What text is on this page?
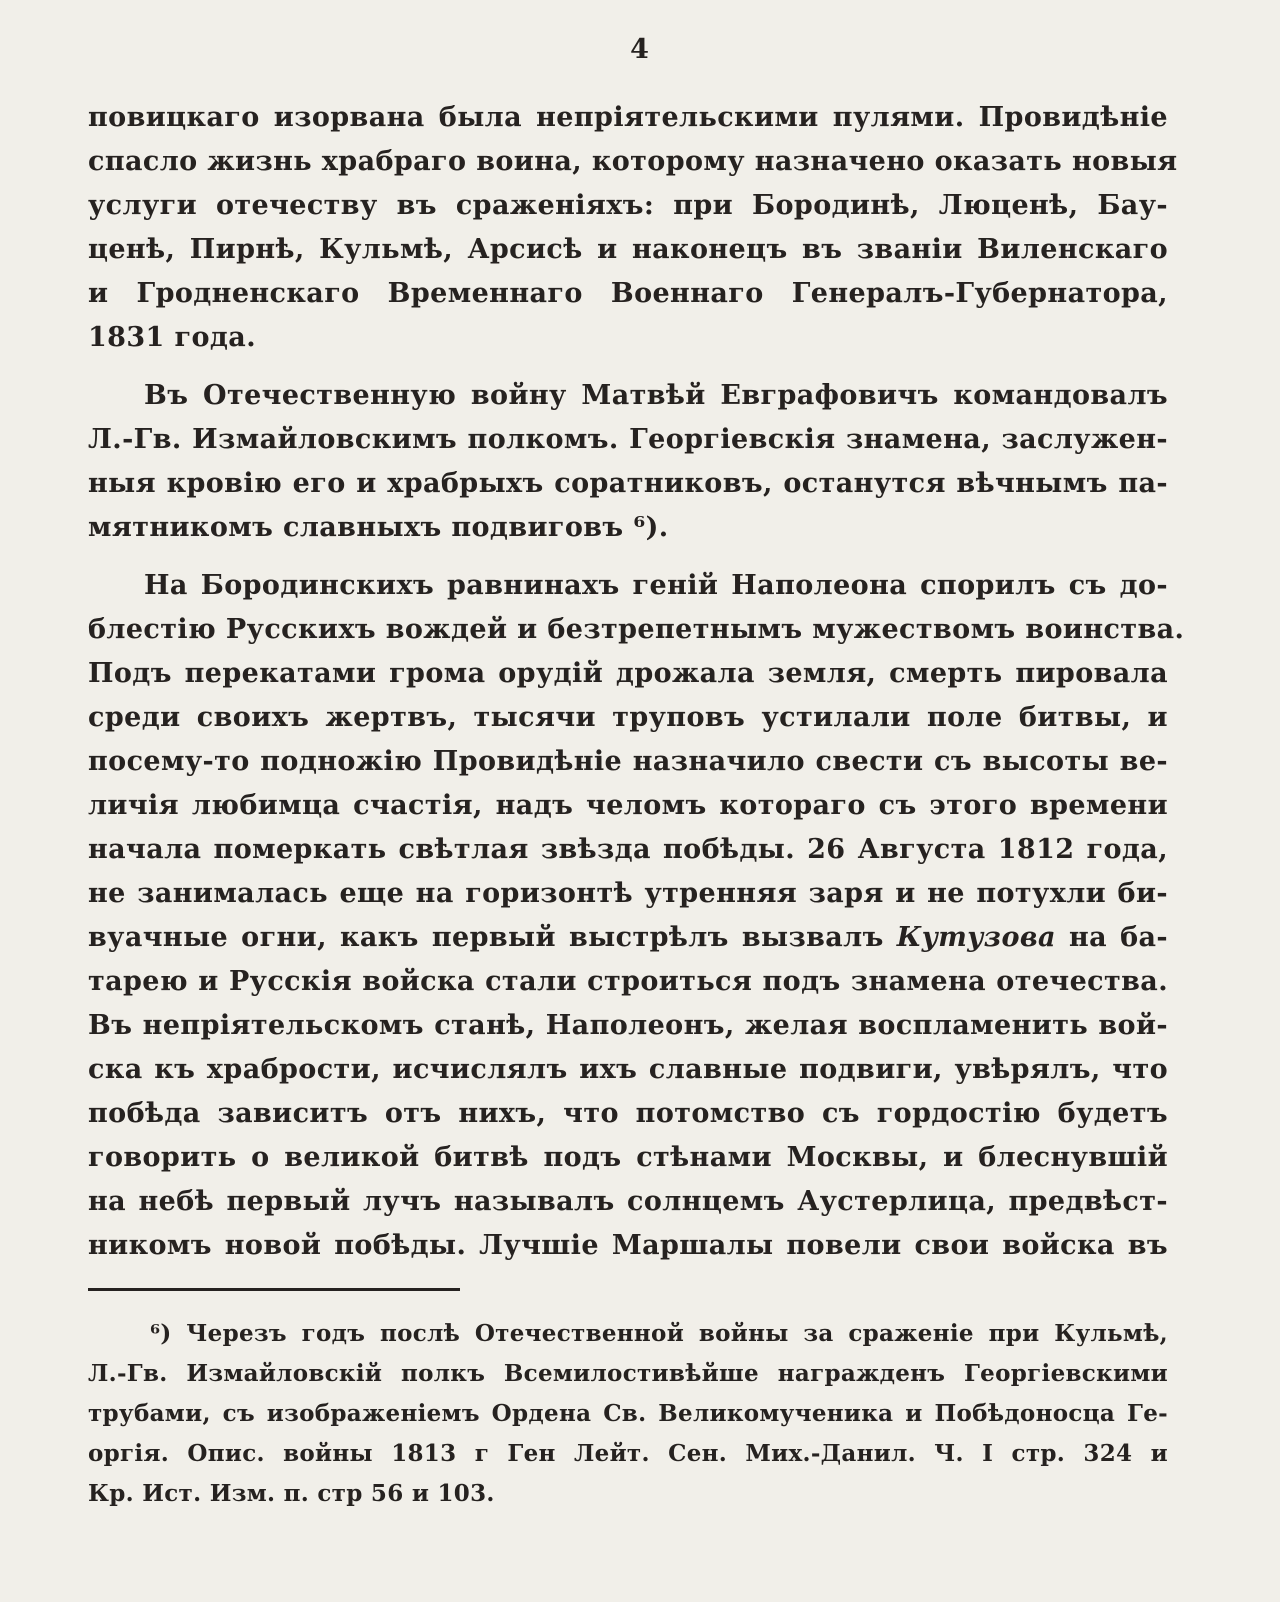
4
повицкаго изорвана была непріятельскими пулями. Провидѣніе
спасло жизнь храбраго воина, которому назначено оказать новыя
услуги отечеству въ сраженіяхъ: при Бородинѣ, Люценѣ, Бау-
ценѣ, Пирнѣ, Кульмѣ, Арсисѣ и наконецъ въ званіи Виленскаго
и Гродненскаго Временнаго Военнаго Генералъ-Губернатора,
1831 года.
Въ Отечественную войну Матвѣй Евграфовичъ командовалъ
Л.-Гв. Измайловскимъ полкомъ. Георгіевскія знамена, заслужен-
ныя кровію его и храбрыхъ соратниковъ, останутся вѣчнымъ па-
мятникомъ славныхъ подвиговъ ⁶).
На Бородинскихъ равнинахъ геній Наполеона спорилъ съ до-
блестію Русскихъ вождей и безтрепетнымъ мужествомъ воинства.
Подъ перекатами грома орудій дрожала земля, смерть пировала
среди своихъ жертвъ, тысячи труповъ устилали поле битвы, и
посему-то подножію Провидѣніе назначило свести съ высоты ве-
личія любимца счастія, надъ челомъ котораго съ этого времени
начала померкать свѣтлая звѣзда побѣды. 26 Августа 1812 года,
не занималась еще на горизонтѣ утренняя заря и не потухли би-
вуачные огни, какъ первый выстрѣлъ вызвалъ Кутузова на ба-
тарею и Русскія войска стали строиться подъ знамена отечества.
Въ непріятельскомъ станѣ, Наполеонъ, желая воспламенить вой-
ска къ храбрости, исчислялъ ихъ славные подвиги, увѣрялъ, что
побѣда зависитъ отъ нихъ, что потомство съ гордостію будетъ
говорить о великой битвѣ подъ стѣнами Москвы, и блеснувшій
на небѣ первый лучъ называлъ солнцемъ Аустерлица, предвѣст-
никомъ новой побѣды. Лучшіе Маршалы повели свои войска въ
⁶) Черезъ годъ послѣ Отечественной войны за сраженіе при Кульмѣ,
Л.-Гв. Измайловскій полкъ Всемилостивѣйше награжденъ Георгіевскими
трубами, съ изображеніемъ Ордена Св. Великомученика и Побѣдоносца Ге-
оргія. Опис. войны 1813 г Ген Лейт. Сен. Мих.-Данил. Ч. I стр. 324 и
Кр. Ист. Изм. п. стр 56 и 103.
